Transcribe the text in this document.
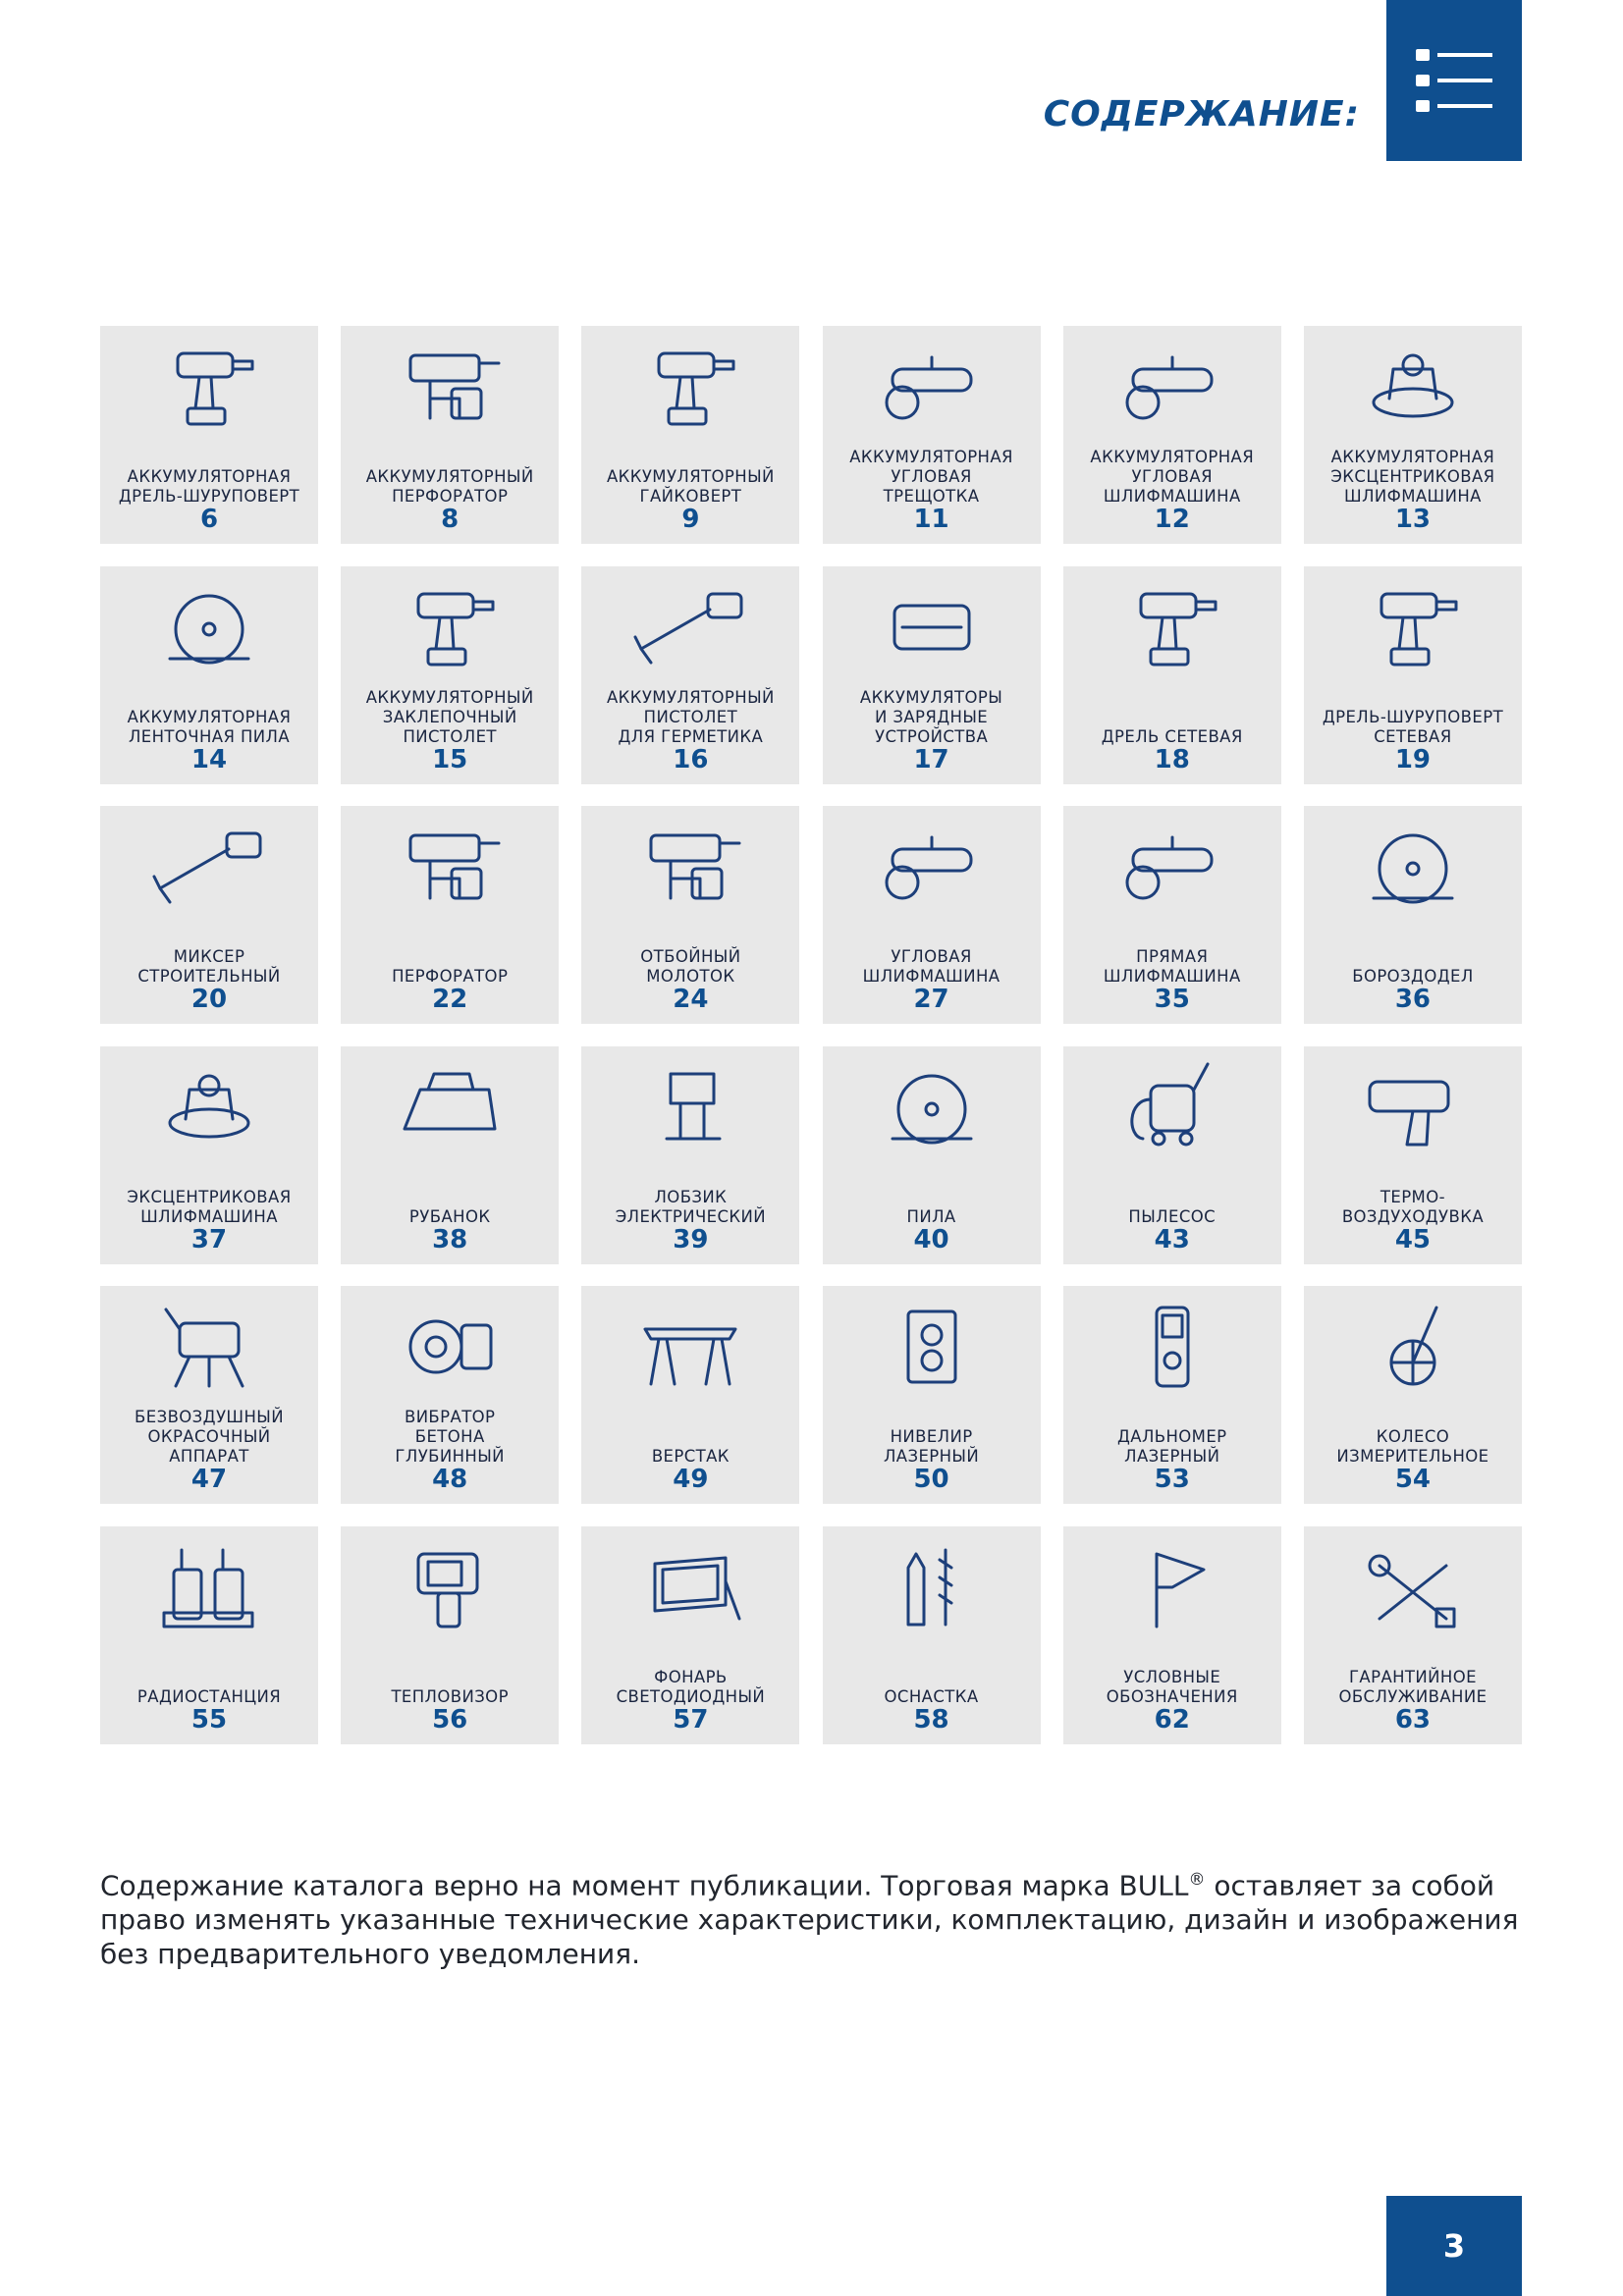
СОДЕРЖАНИЕ:
АККУМУЛЯТОРНАЯ
ДРЕЛЬ-ШУРУПОВЕРТ
6
АККУМУЛЯТОРНЫЙ
ПЕРФОРАТОР
8
АККУМУЛЯТОРНЫЙ
ГАЙКОВЕРТ
9
АККУМУЛЯТОРНАЯ
УГЛОВАЯ
ТРЕЩОТКА
11
АККУМУЛЯТОРНАЯ
УГЛОВАЯ
ШЛИФМАШИНА
12
АККУМУЛЯТОРНАЯ
ЭКСЦЕНТРИКОВАЯ
ШЛИФМАШИНА
13
АККУМУЛЯТОРНАЯ
ЛЕНТОЧНАЯ ПИЛА
14
АККУМУЛЯТОРНЫЙ
ЗАКЛЕПОЧНЫЙ
ПИСТОЛЕТ
15
АККУМУЛЯТОРНЫЙ
ПИСТОЛЕТ
ДЛЯ ГЕРМЕТИКА
16
АККУМУЛЯТОРЫ
И ЗАРЯДНЫЕ
УСТРОЙСТВА
17
ДРЕЛЬ СЕТЕВАЯ
18
ДРЕЛЬ-ШУРУПОВЕРТ
СЕТЕВАЯ
19
МИКСЕР
СТРОИТЕЛЬНЫЙ
20
ПЕРФОРАТОР
22
ОТБОЙНЫЙ
МОЛОТОК
24
УГЛОВАЯ
ШЛИФМАШИНА
27
ПРЯМАЯ
ШЛИФМАШИНА
35
БОРОЗДОДЕЛ
36
ЭКСЦЕНТРИКОВАЯ
ШЛИФМАШИНА
37
РУБАНОК
38
ЛОБЗИК
ЭЛЕКТРИЧЕСКИЙ
39
ПИЛА
40
ПЫЛЕСОС
43
ТЕРМО-
ВОЗДУХОДУВКА
45
БЕЗВОЗДУШНЫЙ
ОКРАСОЧНЫЙ
АППАРАТ
47
ВИБРАТОР
БЕТОНА
ГЛУБИННЫЙ
48
ВЕРСТАК
49
НИВЕЛИР
ЛАЗЕРНЫЙ
50
ДАЛЬНОМЕР
ЛАЗЕРНЫЙ
53
КОЛЕСО
ИЗМЕРИТЕЛЬНОЕ
54
РАДИОСТАНЦИЯ
55
ТЕПЛОВИЗОР
56
ФОНАРЬ
СВЕТОДИОДНЫЙ
57
ОСНАСТКА
58
УСЛОВНЫЕ
ОБОЗНАЧЕНИЯ
62
ГАРАНТИЙНОЕ
ОБСЛУЖИВАНИЕ
63
Содержание каталога верно на момент публикации. Торговая марка BULL® оставляет за собой право изменять указанные технические характеристики, комплектацию, дизайн и изображения без предварительного уведомления.
3
